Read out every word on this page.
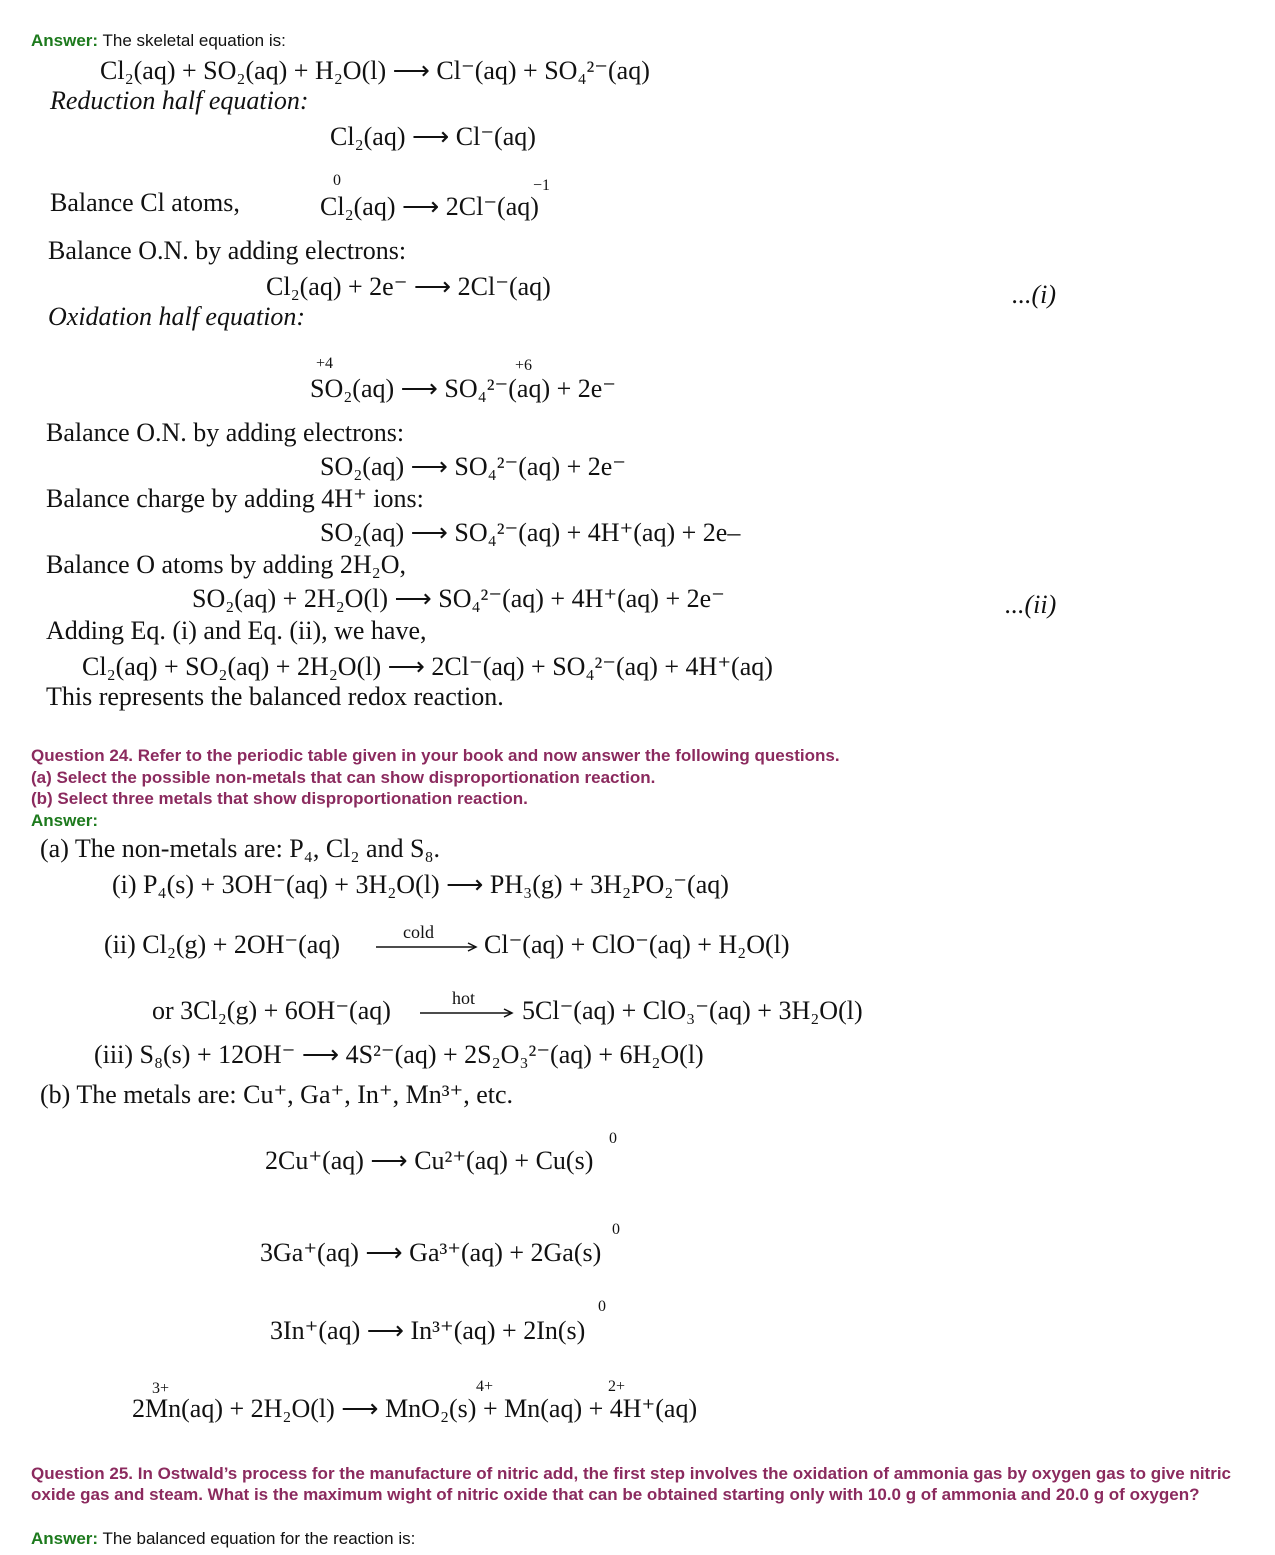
Answer: The skeletal equation is:
Cl₂(aq) + SO₂(aq) + H₂O(l) ⟶ Cl⁻(aq) + SO₄²⁻(aq)
Reduction half equation:
Cl₂(aq) ⟶ Cl⁻(aq)
0	−1
Balance Cl atoms,	Cl₂(aq) ⟶ 2Cl⁻(aq)
Balance O.N. by adding electrons:
Cl₂(aq) + 2e⁻ ⟶ 2Cl⁻(aq)	...(i)
Oxidation half equation:
+4	+6
SO₂(aq) ⟶ SO₄²⁻(aq) + 2e⁻
Balance O.N. by adding electrons:
SO₂(aq) ⟶ SO₄²⁻(aq) + 2e⁻
Balance charge by adding 4H⁺ ions:
SO₂(aq) ⟶ SO₄²⁻(aq) + 4H⁺(aq) + 2e–
Balance O atoms by adding 2H₂O,
SO₂(aq) + 2H₂O(l) ⟶ SO₄²⁻(aq) + 4H⁺(aq) + 2e⁻	...(ii)
Adding Eq. (i) and Eq. (ii), we have,
Cl₂(aq) + SO₂(aq) + 2H₂O(l) ⟶ 2Cl⁻(aq) + SO₄²⁻(aq) + 4H⁺(aq)
This represents the balanced redox reaction.
Question 24. Refer to the periodic table given in your book and now answer the following questions.
(a) Select the possible non-metals that can show disproportionation reaction.
(b) Select three metals that show disproportionation reaction.
Answer:
(a) The non-metals are: P₄, Cl₂ and S₈.
(i) P₄(s) + 3OH⁻(aq) + 3H₂O(l) ⟶ PH₃(g) + 3H₂PO₂⁻(aq)
(ii) Cl₂(g) + 2OH⁻(aq)	cold Cl⁻(aq) + ClO⁻(aq) + H₂O(l)
or 3Cl₂(g) + 6OH⁻(aq)	hot 5Cl⁻(aq) + ClO₃⁻(aq) + 3H₂O(l)
(iii) S₈(s) + 12OH⁻ ⟶ 4S²⁻(aq) + 2S₂O₃²⁻(aq) + 6H₂O(l)
(b) The metals are: Cu⁺, Ga⁺, In⁺, Mn³⁺, etc.
0
2Cu⁺(aq) ⟶ Cu²⁺(aq) + Cu(s)
0
3Ga⁺(aq) ⟶ Ga³⁺(aq) + 2Ga(s)
0
3In⁺(aq) ⟶ In³⁺(aq) + 2In(s)
3+	4+	2+
2Mn(aq) + 2H₂O(l) ⟶ MnO₂(s) + Mn(aq) + 4H⁺(aq)
Question 25. In Ostwald’s process for the manufacture of nitric add, the first step involves the oxidation of ammonia gas by oxygen gas to give nitric oxide gas and steam. What is the maximum wight of nitric oxide that can be obtained starting only with 10.0 g of ammonia and 20.0 g of oxygen?
Answer: The balanced equation for the reaction is:
